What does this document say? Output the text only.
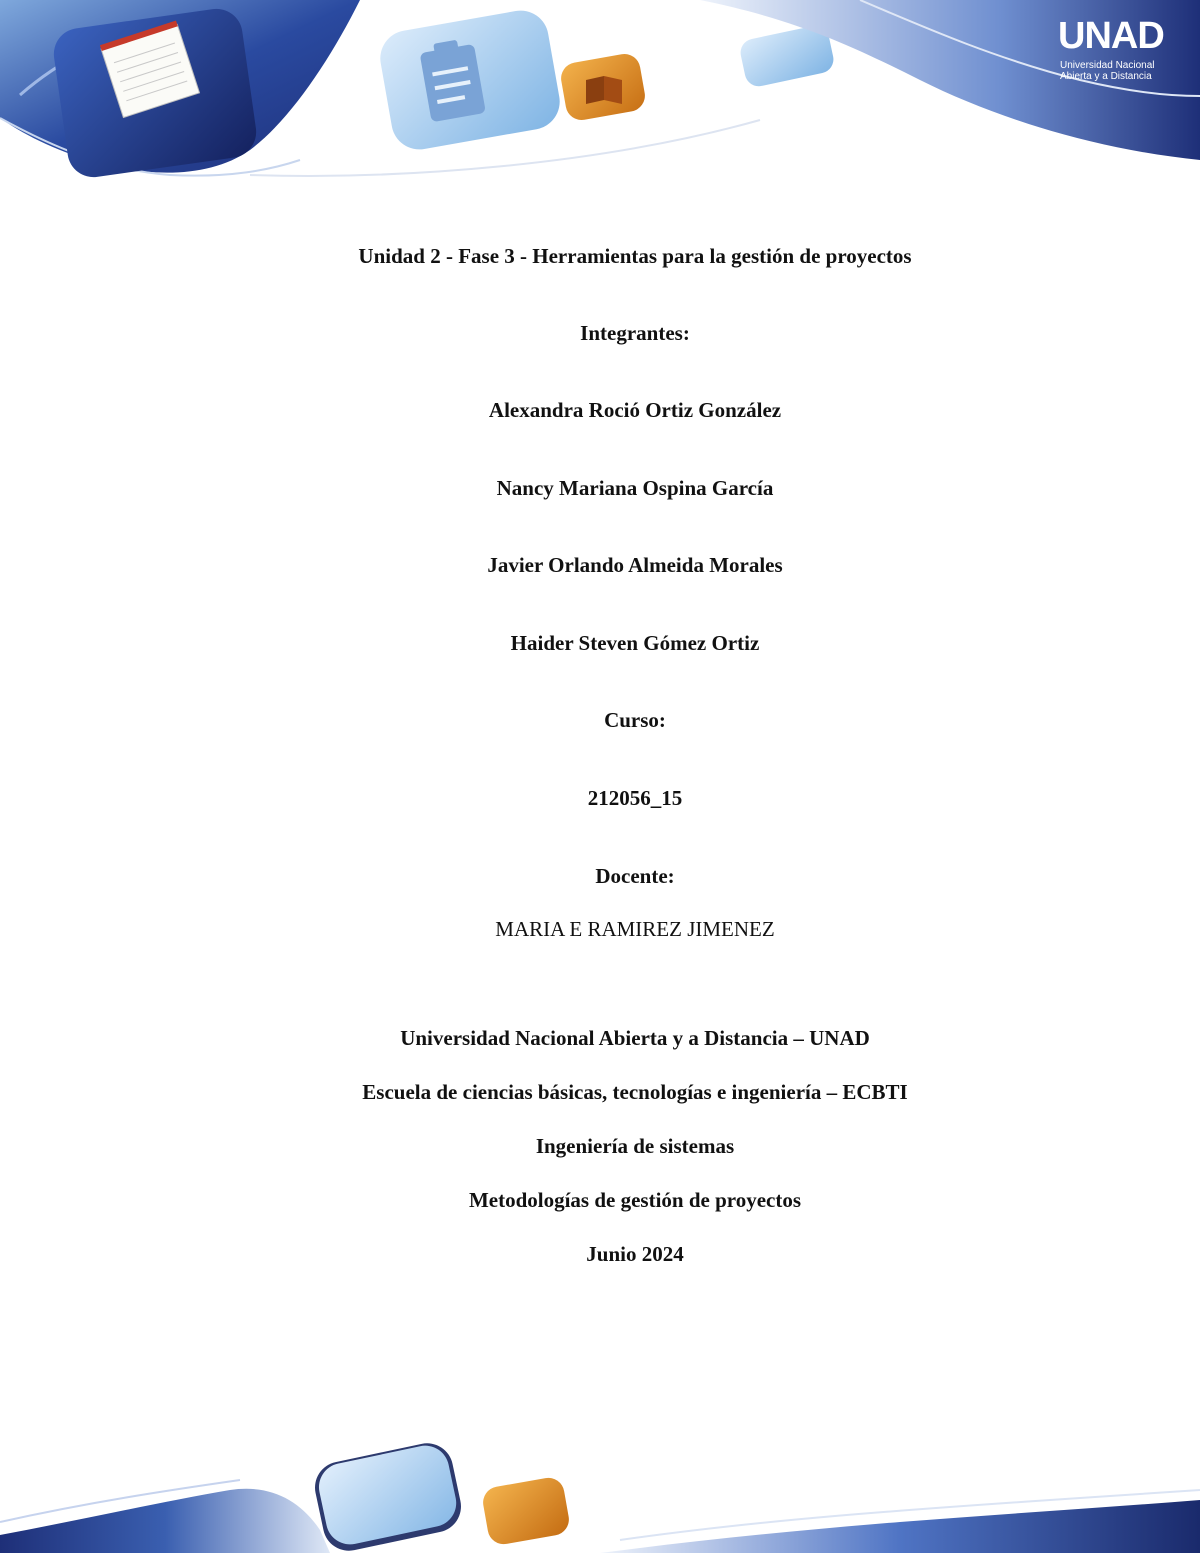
UNAD
Universidad Nacional
Abierta y a Distancia
Unidad 2 - Fase 3 - Herramientas para la gestión de proyectos
Integrantes:
Alexandra Roció Ortiz González
Nancy Mariana Ospina García
Javier Orlando Almeida Morales
Haider Steven Gómez Ortiz
Curso:
212056_15
Docente:
MARIA E RAMIREZ JIMENEZ
Universidad Nacional Abierta y a Distancia – UNAD
Escuela de ciencias básicas, tecnologías e ingeniería – ECBTI
Ingeniería de sistemas
Metodologías de gestión de proyectos
Junio 2024
